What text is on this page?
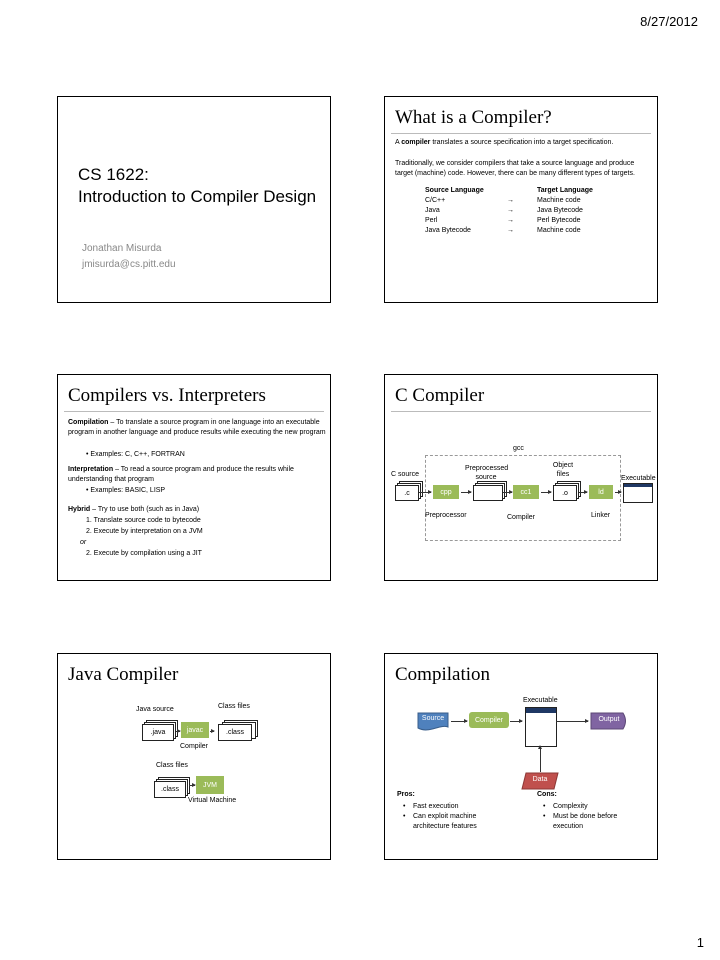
8/27/2012
CS 1622:
Introduction to Compiler Design
Jonathan Misurda
jmisurda@cs.pitt.edu
What is a Compiler?
A compiler translates a source specification into a target specification.
Traditionally, we consider compilers that take a source language and produce target (machine) code. However, there can be many different types of targets.
Source Language	Target Language
C/C++	→	Machine code
Java	→	Java Bytecode
Perl	→	Perl Bytecode
Java Bytecode	→	Machine code
Compilers vs. Interpreters
Compilation – To translate a source program in one language into an executable program in another language and produce results while executing the new program
• Examples: C, C++, FORTRAN
Interpretation – To read a source program and produce the results while understanding that program
• Examples: BASIC, LISP
Hybrid – Try to use both (such as in Java)
1. Translate source code to bytecode
2. Execute by interpretation on a JVM
or
2. Execute by compilation using a JIT
C Compiler
gcc
C source
Preprocessed source
Object files
Executable
.c	cpp	cc1	.o	ld
Preprocessor	Compiler	Linker
Java Compiler
Java source	Class files
.java	javac	.class
Compiler
Class files
.class
JVM
Virtual Machine
Compilation
Executable
Source	Compiler	Output
Data
Pros:
• Fast execution
• Can exploit machine architecture features
Cons:
• Complexity
• Must be done before execution
1
